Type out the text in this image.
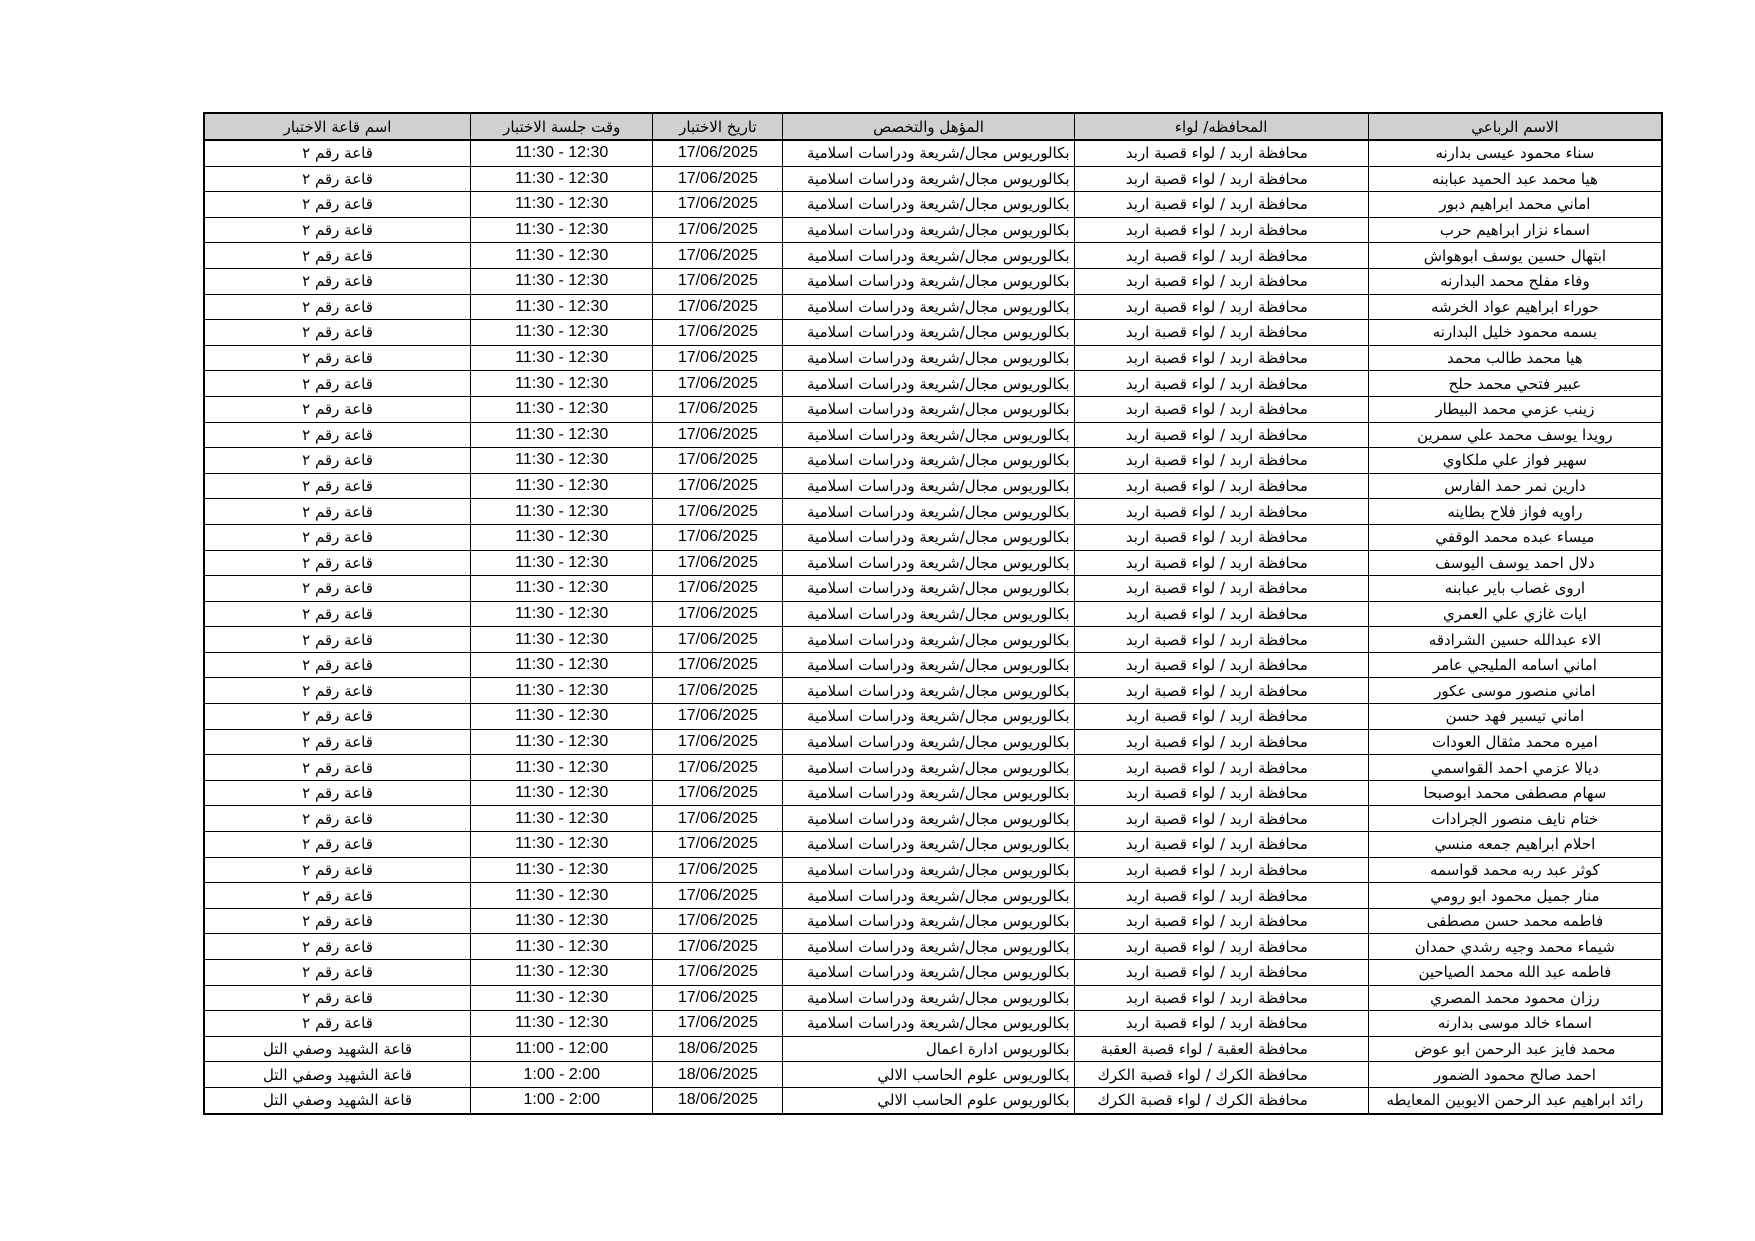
الاسم الرباعي	المحافظه/ لواء	المؤهل والتخصص	تاريخ الاختبار	وقت جلسة الاختبار	اسم قاعة الاختبار
سناء محمود عيسى بدارنه	محافظة اربد / لواء قصبة اربد	بكالوريوس مجال/شريعة ودراسات اسلامية	17/06/2025	11:30 - 12:30	قاعة رقم ٢
هيا محمد عبد الحميد عبابنه	محافظة اربد / لواء قصبة اربد	بكالوريوس مجال/شريعة ودراسات اسلامية	17/06/2025	11:30 - 12:30	قاعة رقم ٢
اماني محمد ابراهيم دبور	محافظة اربد / لواء قصبة اربد	بكالوريوس مجال/شريعة ودراسات اسلامية	17/06/2025	11:30 - 12:30	قاعة رقم ٢
اسماء نزار ابراهيم حرب	محافظة اربد / لواء قصبة اربد	بكالوريوس مجال/شريعة ودراسات اسلامية	17/06/2025	11:30 - 12:30	قاعة رقم ٢
ابتهال حسين يوسف ابوهواش	محافظة اربد / لواء قصبة اربد	بكالوريوس مجال/شريعة ودراسات اسلامية	17/06/2025	11:30 - 12:30	قاعة رقم ٢
وفاء مفلح محمد البدارنه	محافظة اربد / لواء قصبة اربد	بكالوريوس مجال/شريعة ودراسات اسلامية	17/06/2025	11:30 - 12:30	قاعة رقم ٢
حوراء ابراهيم عواد الخرشه	محافظة اربد / لواء قصبة اربد	بكالوريوس مجال/شريعة ودراسات اسلامية	17/06/2025	11:30 - 12:30	قاعة رقم ٢
بسمه محمود خليل البدارنه	محافظة اربد / لواء قصبة اربد	بكالوريوس مجال/شريعة ودراسات اسلامية	17/06/2025	11:30 - 12:30	قاعة رقم ٢
هيا محمد طالب محمد	محافظة اربد / لواء قصبة اربد	بكالوريوس مجال/شريعة ودراسات اسلامية	17/06/2025	11:30 - 12:30	قاعة رقم ٢
عبير فتحي محمد حلح	محافظة اربد / لواء قصبة اربد	بكالوريوس مجال/شريعة ودراسات اسلامية	17/06/2025	11:30 - 12:30	قاعة رقم ٢
زينب عزمي محمد البيطار	محافظة اربد / لواء قصبة اربد	بكالوريوس مجال/شريعة ودراسات اسلامية	17/06/2025	11:30 - 12:30	قاعة رقم ٢
رويدا يوسف محمد علي سمرين	محافظة اربد / لواء قصبة اربد	بكالوريوس مجال/شريعة ودراسات اسلامية	17/06/2025	11:30 - 12:30	قاعة رقم ٢
سهير فواز علي ملكاوي	محافظة اربد / لواء قصبة اربد	بكالوريوس مجال/شريعة ودراسات اسلامية	17/06/2025	11:30 - 12:30	قاعة رقم ٢
دارين نمر حمد الفارس	محافظة اربد / لواء قصبة اربد	بكالوريوس مجال/شريعة ودراسات اسلامية	17/06/2025	11:30 - 12:30	قاعة رقم ٢
راويه فواز فلاح بطاينه	محافظة اربد / لواء قصبة اربد	بكالوريوس مجال/شريعة ودراسات اسلامية	17/06/2025	11:30 - 12:30	قاعة رقم ٢
ميساء عبده محمد الوقفي	محافظة اربد / لواء قصبة اربد	بكالوريوس مجال/شريعة ودراسات اسلامية	17/06/2025	11:30 - 12:30	قاعة رقم ٢
دلال احمد يوسف اليوسف	محافظة اربد / لواء قصبة اربد	بكالوريوس مجال/شريعة ودراسات اسلامية	17/06/2025	11:30 - 12:30	قاعة رقم ٢
اروى غصاب باير عبابنه	محافظة اربد / لواء قصبة اربد	بكالوريوس مجال/شريعة ودراسات اسلامية	17/06/2025	11:30 - 12:30	قاعة رقم ٢
ايات غازي علي العمري	محافظة اربد / لواء قصبة اربد	بكالوريوس مجال/شريعة ودراسات اسلامية	17/06/2025	11:30 - 12:30	قاعة رقم ٢
الاء عبدالله حسين الشرادقه	محافظة اربد / لواء قصبة اربد	بكالوريوس مجال/شريعة ودراسات اسلامية	17/06/2025	11:30 - 12:30	قاعة رقم ٢
اماني اسامه المليجي عامر	محافظة اربد / لواء قصبة اربد	بكالوريوس مجال/شريعة ودراسات اسلامية	17/06/2025	11:30 - 12:30	قاعة رقم ٢
اماني منصور موسى عكور	محافظة اربد / لواء قصبة اربد	بكالوريوس مجال/شريعة ودراسات اسلامية	17/06/2025	11:30 - 12:30	قاعة رقم ٢
اماني تيسير فهد حسن	محافظة اربد / لواء قصبة اربد	بكالوريوس مجال/شريعة ودراسات اسلامية	17/06/2025	11:30 - 12:30	قاعة رقم ٢
اميره محمد مثقال العودات	محافظة اربد / لواء قصبة اربد	بكالوريوس مجال/شريعة ودراسات اسلامية	17/06/2025	11:30 - 12:30	قاعة رقم ٢
ديالا عزمي احمد القواسمي	محافظة اربد / لواء قصبة اربد	بكالوريوس مجال/شريعة ودراسات اسلامية	17/06/2025	11:30 - 12:30	قاعة رقم ٢
سهام مصطفى محمد ابوصبحا	محافظة اربد / لواء قصبة اربد	بكالوريوس مجال/شريعة ودراسات اسلامية	17/06/2025	11:30 - 12:30	قاعة رقم ٢
ختام نايف منصور الجرادات	محافظة اربد / لواء قصبة اربد	بكالوريوس مجال/شريعة ودراسات اسلامية	17/06/2025	11:30 - 12:30	قاعة رقم ٢
احلام ابراهيم جمعه منسي	محافظة اربد / لواء قصبة اربد	بكالوريوس مجال/شريعة ودراسات اسلامية	17/06/2025	11:30 - 12:30	قاعة رقم ٢
كوثر عبد ربه محمد قواسمه	محافظة اربد / لواء قصبة اربد	بكالوريوس مجال/شريعة ودراسات اسلامية	17/06/2025	11:30 - 12:30	قاعة رقم ٢
منار جميل محمود ابو رومي	محافظة اربد / لواء قصبة اربد	بكالوريوس مجال/شريعة ودراسات اسلامية	17/06/2025	11:30 - 12:30	قاعة رقم ٢
فاطمه محمد حسن مصطفى	محافظة اربد / لواء قصبة اربد	بكالوريوس مجال/شريعة ودراسات اسلامية	17/06/2025	11:30 - 12:30	قاعة رقم ٢
شيماء محمد وجيه رشدي حمدان	محافظة اربد / لواء قصبة اربد	بكالوريوس مجال/شريعة ودراسات اسلامية	17/06/2025	11:30 - 12:30	قاعة رقم ٢
فاطمه عبد الله محمد الصياحين	محافظة اربد / لواء قصبة اربد	بكالوريوس مجال/شريعة ودراسات اسلامية	17/06/2025	11:30 - 12:30	قاعة رقم ٢
رزان محمود محمد المصري	محافظة اربد / لواء قصبة اربد	بكالوريوس مجال/شريعة ودراسات اسلامية	17/06/2025	11:30 - 12:30	قاعة رقم ٢
اسماء خالد موسى بدارنه	محافظة اربد / لواء قصبة اربد	بكالوريوس مجال/شريعة ودراسات اسلامية	17/06/2025	11:30 - 12:30	قاعة رقم ٢
محمد فايز عبد الرحمن ابو عوض	محافظة العقبة / لواء قصبة العقبة	بكالوريوس ادارة اعمال	18/06/2025	11:00 - 12:00	قاعة الشهيد وصفي التل
احمد صالح محمود الضمور	محافظة الكرك / لواء قصبة الكرك	بكالوريوس علوم الحاسب الالي	18/06/2025	1:00 - 2:00	قاعة الشهيد وصفي التل
رائد ابراهيم عبد الرحمن الايوبين المعايطه	محافظة الكرك / لواء قصبة الكرك	بكالوريوس علوم الحاسب الالي	18/06/2025	1:00 - 2:00	قاعة الشهيد وصفي التل
